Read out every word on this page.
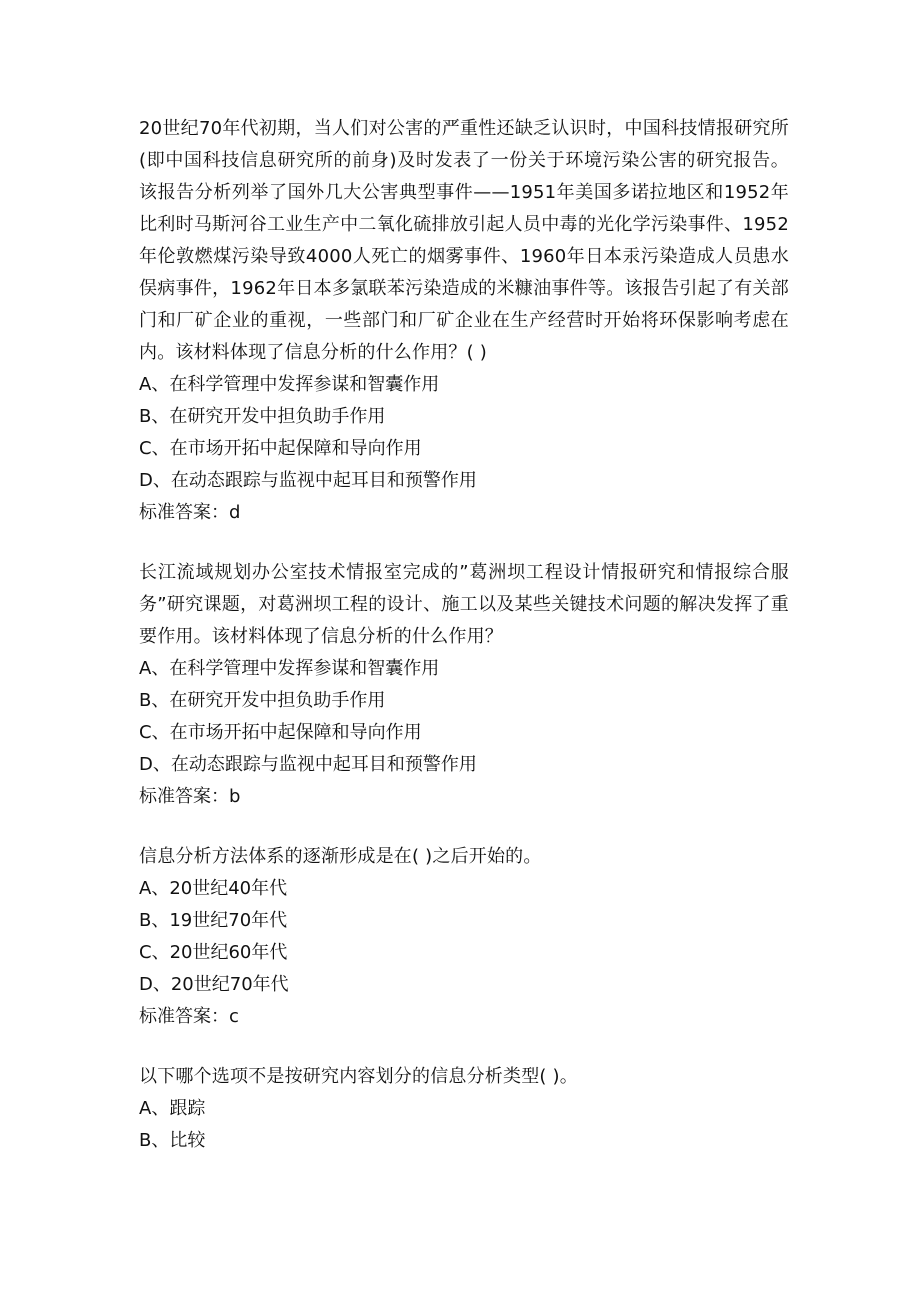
20世纪70年代初期，当人们对公害的严重性还缺乏认识时，中国科技情报研究所(即中国科技信息研究所的前身)及时发表了一份关于环境污染公害的研究报告。该报告分析列举了国外几大公害典型事件——1951年美国多诺拉地区和1952年比利时马斯河谷工业生产中二氧化硫排放引起人员中毒的光化学污染事件、1952年伦敦燃煤污染导致4000人死亡的烟雾事件、1960年日本汞污染造成人员患水俣病事件，1962年日本多氯联苯污染造成的米糠油事件等。该报告引起了有关部门和厂矿企业的重视，一些部门和厂矿企业在生产经营时开始将环保影响考虑在内。该材料体现了信息分析的什么作用？( )

A、在科学管理中发挥参谋和智囊作用

B、在研究开发中担负助手作用

C、在市场开拓中起保障和导向作用

D、在动态跟踪与监视中起耳目和预警作用

标准答案：d

长江流域规划办公室技术情报室完成的”葛洲坝工程设计情报研究和情报综合服务”研究课题，对葛洲坝工程的设计、施工以及某些关键技术问题的解决发挥了重要作用。该材料体现了信息分析的什么作用？

A、在科学管理中发挥参谋和智囊作用

B、在研究开发中担负助手作用

C、在市场开拓中起保障和导向作用

D、在动态跟踪与监视中起耳目和预警作用

标准答案：b

信息分析方法体系的逐渐形成是在( )之后开始的。

A、20世纪40年代

B、19世纪70年代

C、20世纪60年代

D、20世纪70年代

标准答案：c

以下哪个选项不是按研究内容划分的信息分析类型( )。

A、跟踪

B、比较
